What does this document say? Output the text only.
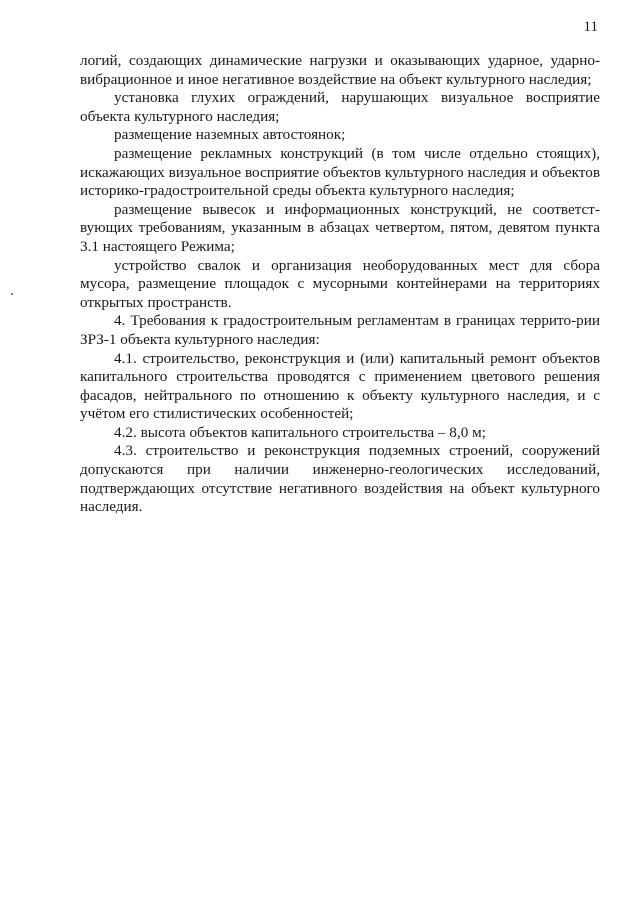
11

логий, создающих динамические нагрузки и оказывающих ударное, ударно-вибрационное и иное негативное воздействие на объект культурного наследия;

установка глухих ограждений, нарушающих визуальное восприятие объекта культурного наследия;

размещение наземных автостоянок;

размещение рекламных конструкций (в том числе отдельно стоящих), искажающих визуальное восприятие объектов культурного наследия и объектов историко-градостроительной среды объекта культурного наследия;

размещение вывесок и информационных конструкций, не соответст-вующих требованиям, указанным в абзацах четвертом, пятом, девятом пункта 3.1 настоящего Режима;

устройство свалок и организация необорудованных мест для сбора мусора, размещение площадок с мусорными контейнерами на территориях открытых пространств.

4. Требования к градостроительным регламентам в границах террито-рии ЗРЗ-1 объекта культурного наследия:

4.1. строительство, реконструкция и (или) капитальный ремонт объектов капитального строительства проводятся с применением цветового решения фасадов, нейтрального по отношению к объекту культурного наследия, и с учётом его стилистических особенностей;

4.2. высота объектов капитального строительства – 8,0 м;

4.3. строительство и реконструкция подземных строений, сооружений допускаются при наличии инженерно-геологических исследований, подтверждающих отсутствие негативного воздействия на объект культурного наследия.
